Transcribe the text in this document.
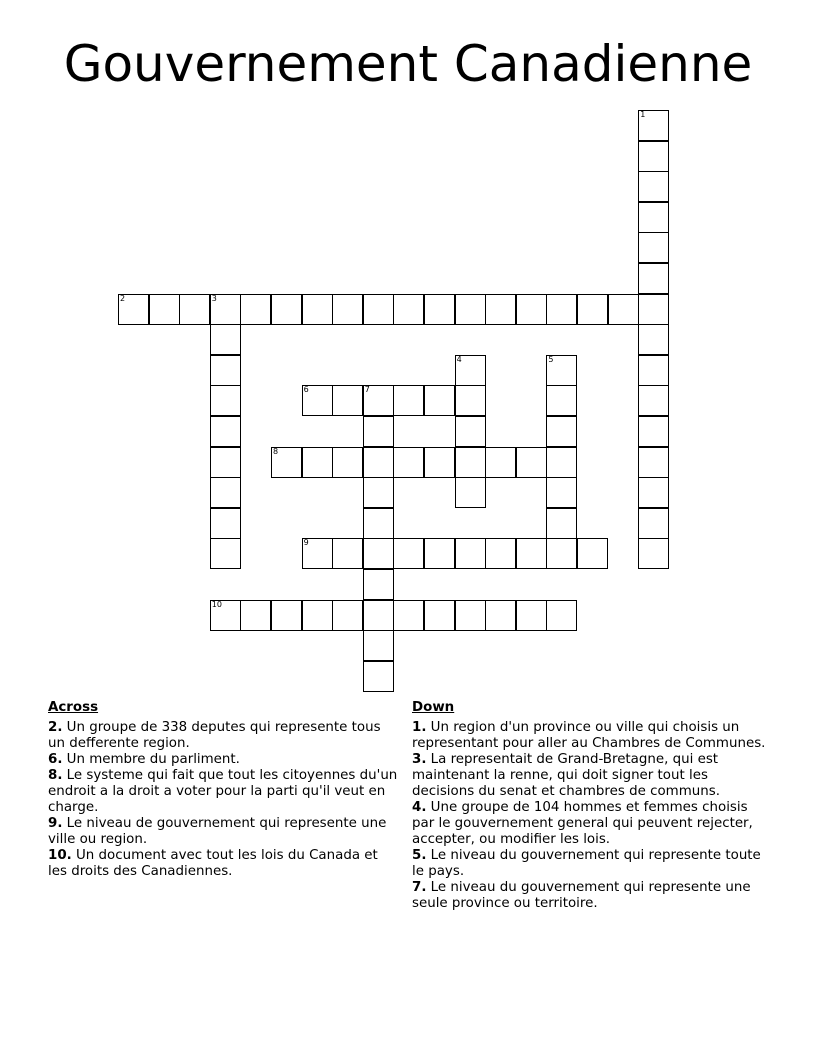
Gouvernement Canadienne
1
2	3
4	5
6	7
8
9
10
Across
2. Un groupe de 338 deputes qui represente tous un defferente region.
6. Un membre du parliment.
8. Le systeme qui fait que tout les citoyennes du'un endroit a la droit a voter pour la parti qu'il veut en charge.
9. Le niveau de gouvernement qui represente une ville ou region.
10. Un document avec tout les lois du Canada et les droits des Canadiennes.
Down
1. Un region d'un province ou ville qui choisis un representant pour aller au Chambres de Communes.
3. La representait de Grand-Bretagne, qui est maintenant la renne, qui doit signer tout les decisions du senat et chambres de communs.
4. Une groupe de 104 hommes et femmes choisis par le gouvernement general qui peuvent rejecter, accepter, ou modifier les lois.
5. Le niveau du gouvernement qui represente toute le pays.
7. Le niveau du gouvernement qui represente une seule province ou territoire.
